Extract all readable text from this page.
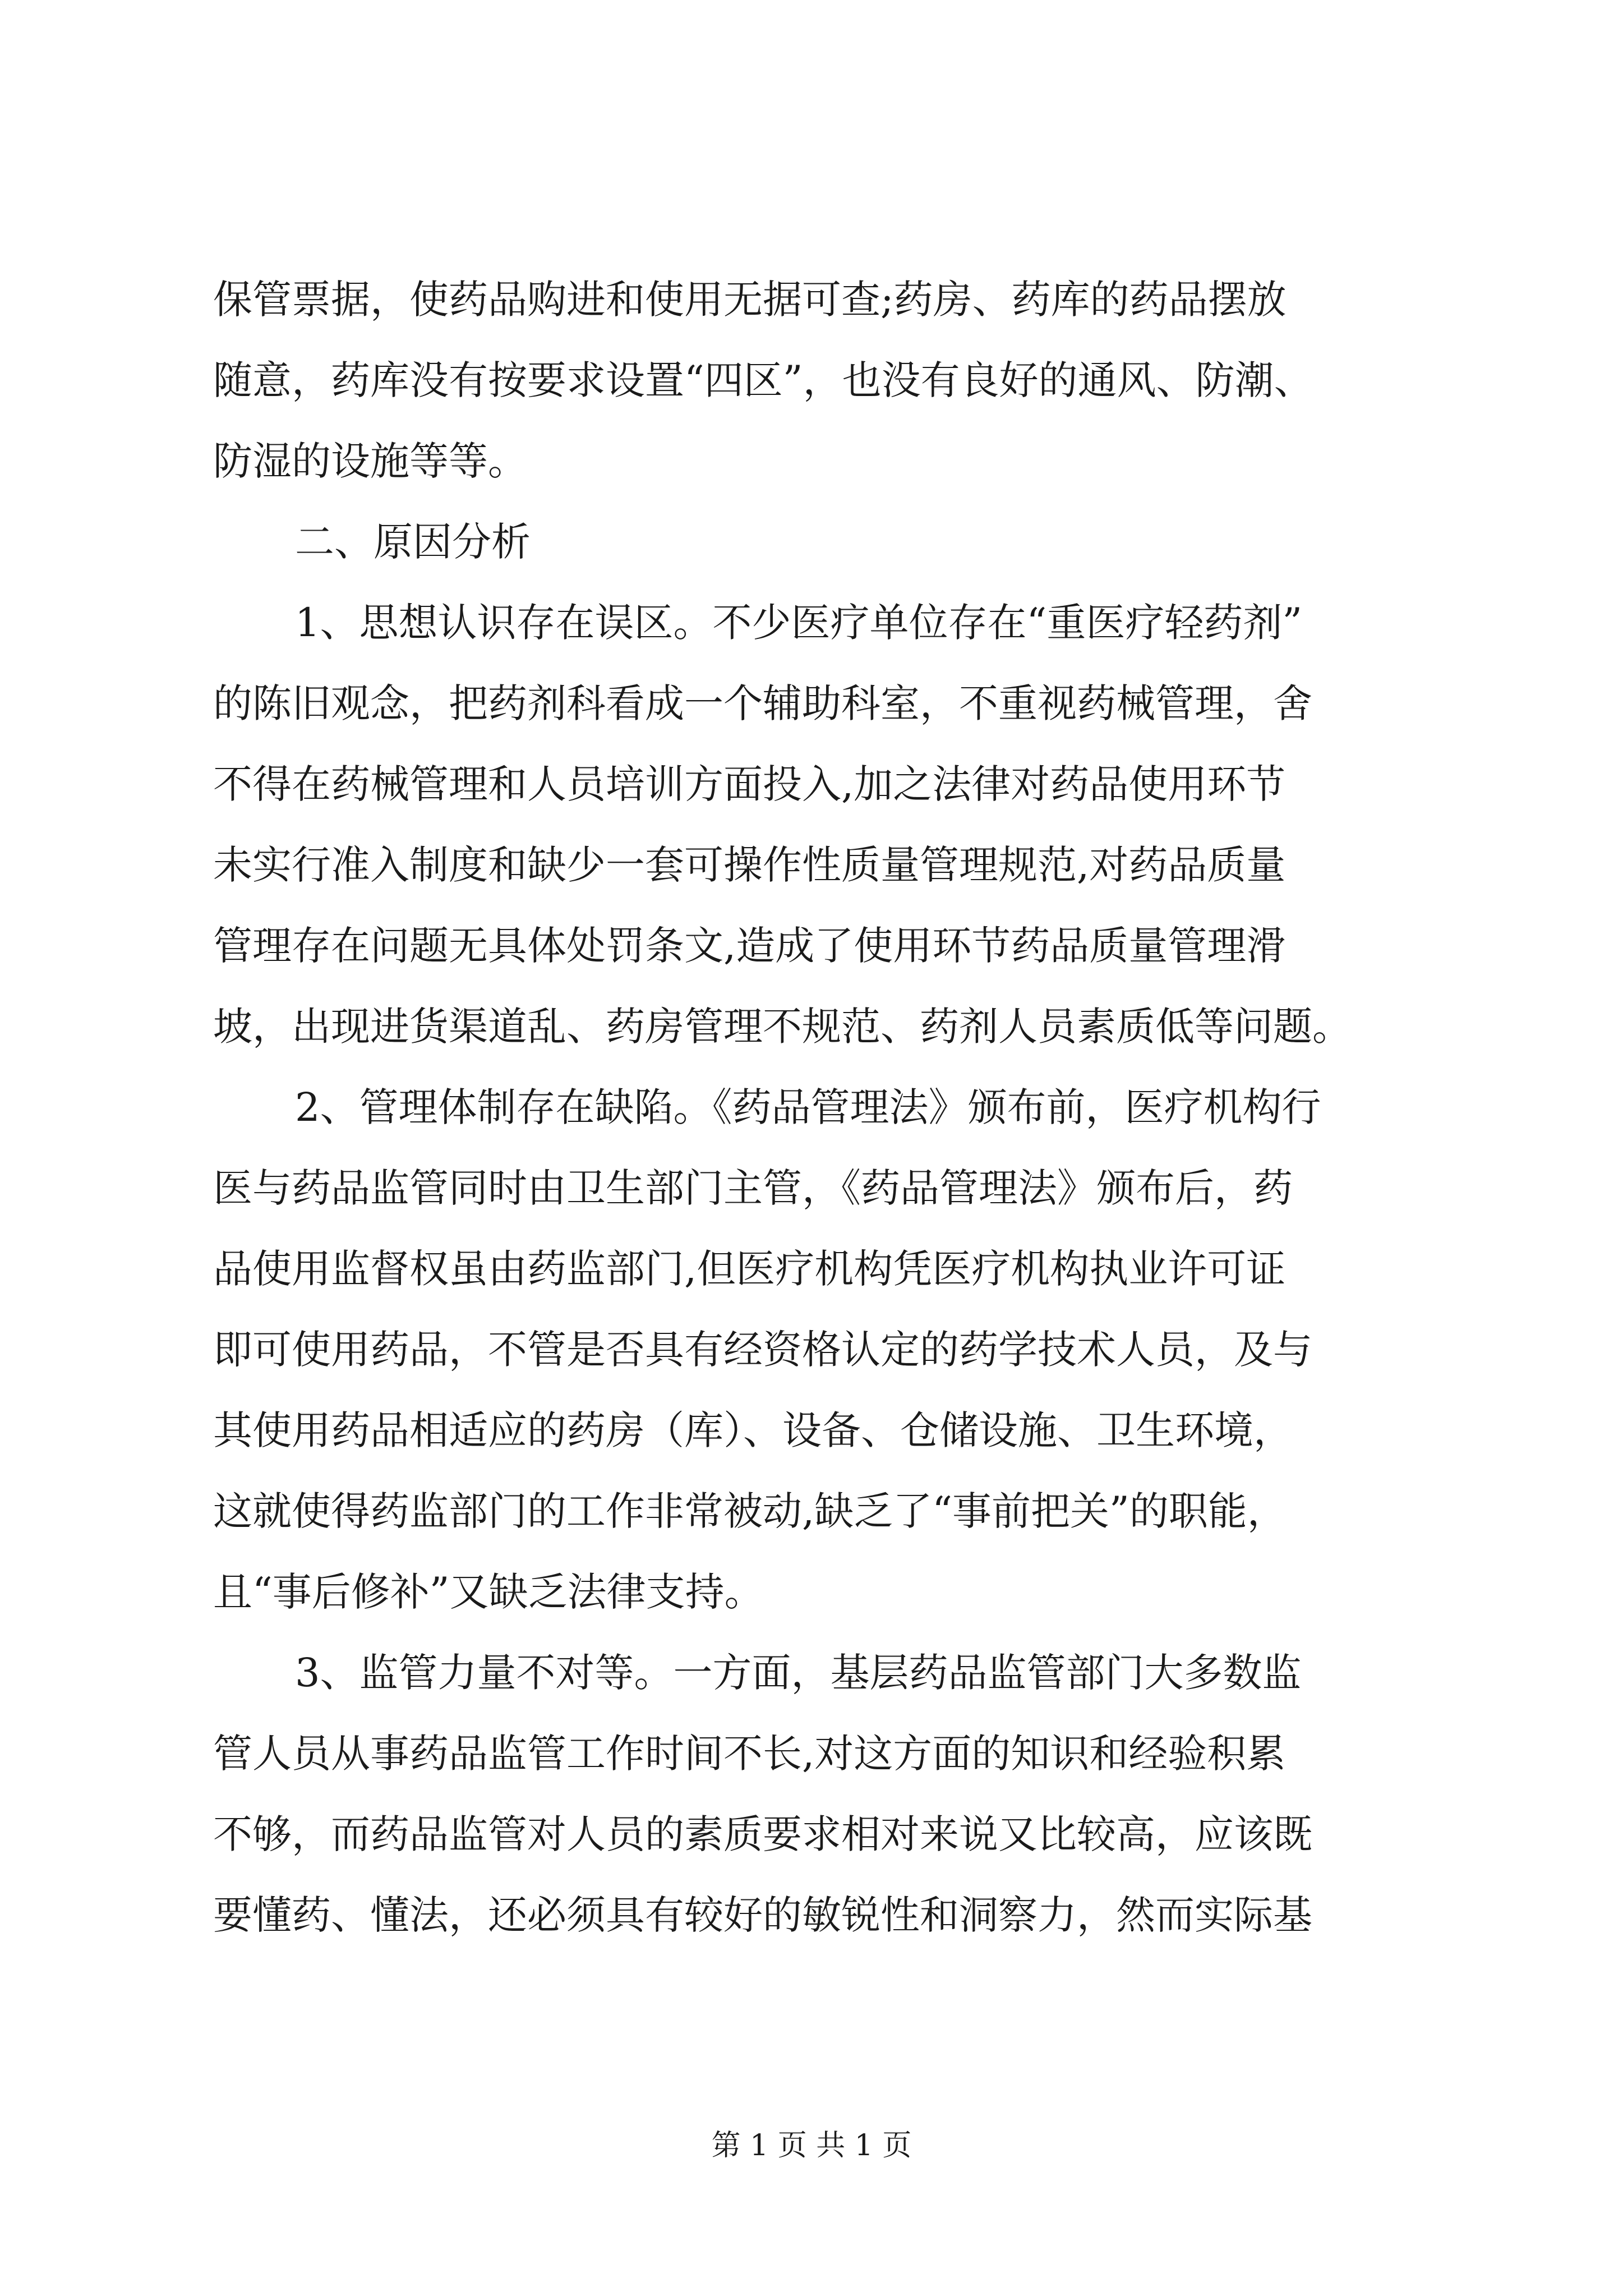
保管票据，使药品购进和使用无据可查;药房、药库的药品摆放
随意，药库没有按要求设置“四区”，也没有良好的通风、防潮、
防湿的设施等等。
二、原因分析
1、思想认识存在误区。不少医疗单位存在“重医疗轻药剂”
的陈旧观念，把药剂科看成一个辅助科室，不重视药械管理，舍
不得在药械管理和人员培训方面投入,加之法律对药品使用环节
未实行准入制度和缺少一套可操作性质量管理规范,对药品质量
管理存在问题无具体处罚条文,造成了使用环节药品质量管理滑
坡，出现进货渠道乱、药房管理不规范、药剂人员素质低等问题。
2、管理体制存在缺陷。《药品管理法》颁布前，医疗机构行
医与药品监管同时由卫生部门主管，《药品管理法》颁布后，药
品使用监督权虽由药监部门,但医疗机构凭医疗机构执业许可证
即可使用药品，不管是否具有经资格认定的药学技术人员，及与
其使用药品相适应的药房（库）、设备、仓储设施、卫生环境，
这就使得药监部门的工作非常被动,缺乏了“事前把关”的职能，
且“事后修补”又缺乏法律支持。
3、监管力量不对等。一方面，基层药品监管部门大多数监
管人员从事药品监管工作时间不长,对这方面的知识和经验积累
不够，而药品监管对人员的素质要求相对来说又比较高，应该既
要懂药、懂法，还必须具有较好的敏锐性和洞察力，然而实际基
第 1 页 共 1 页
